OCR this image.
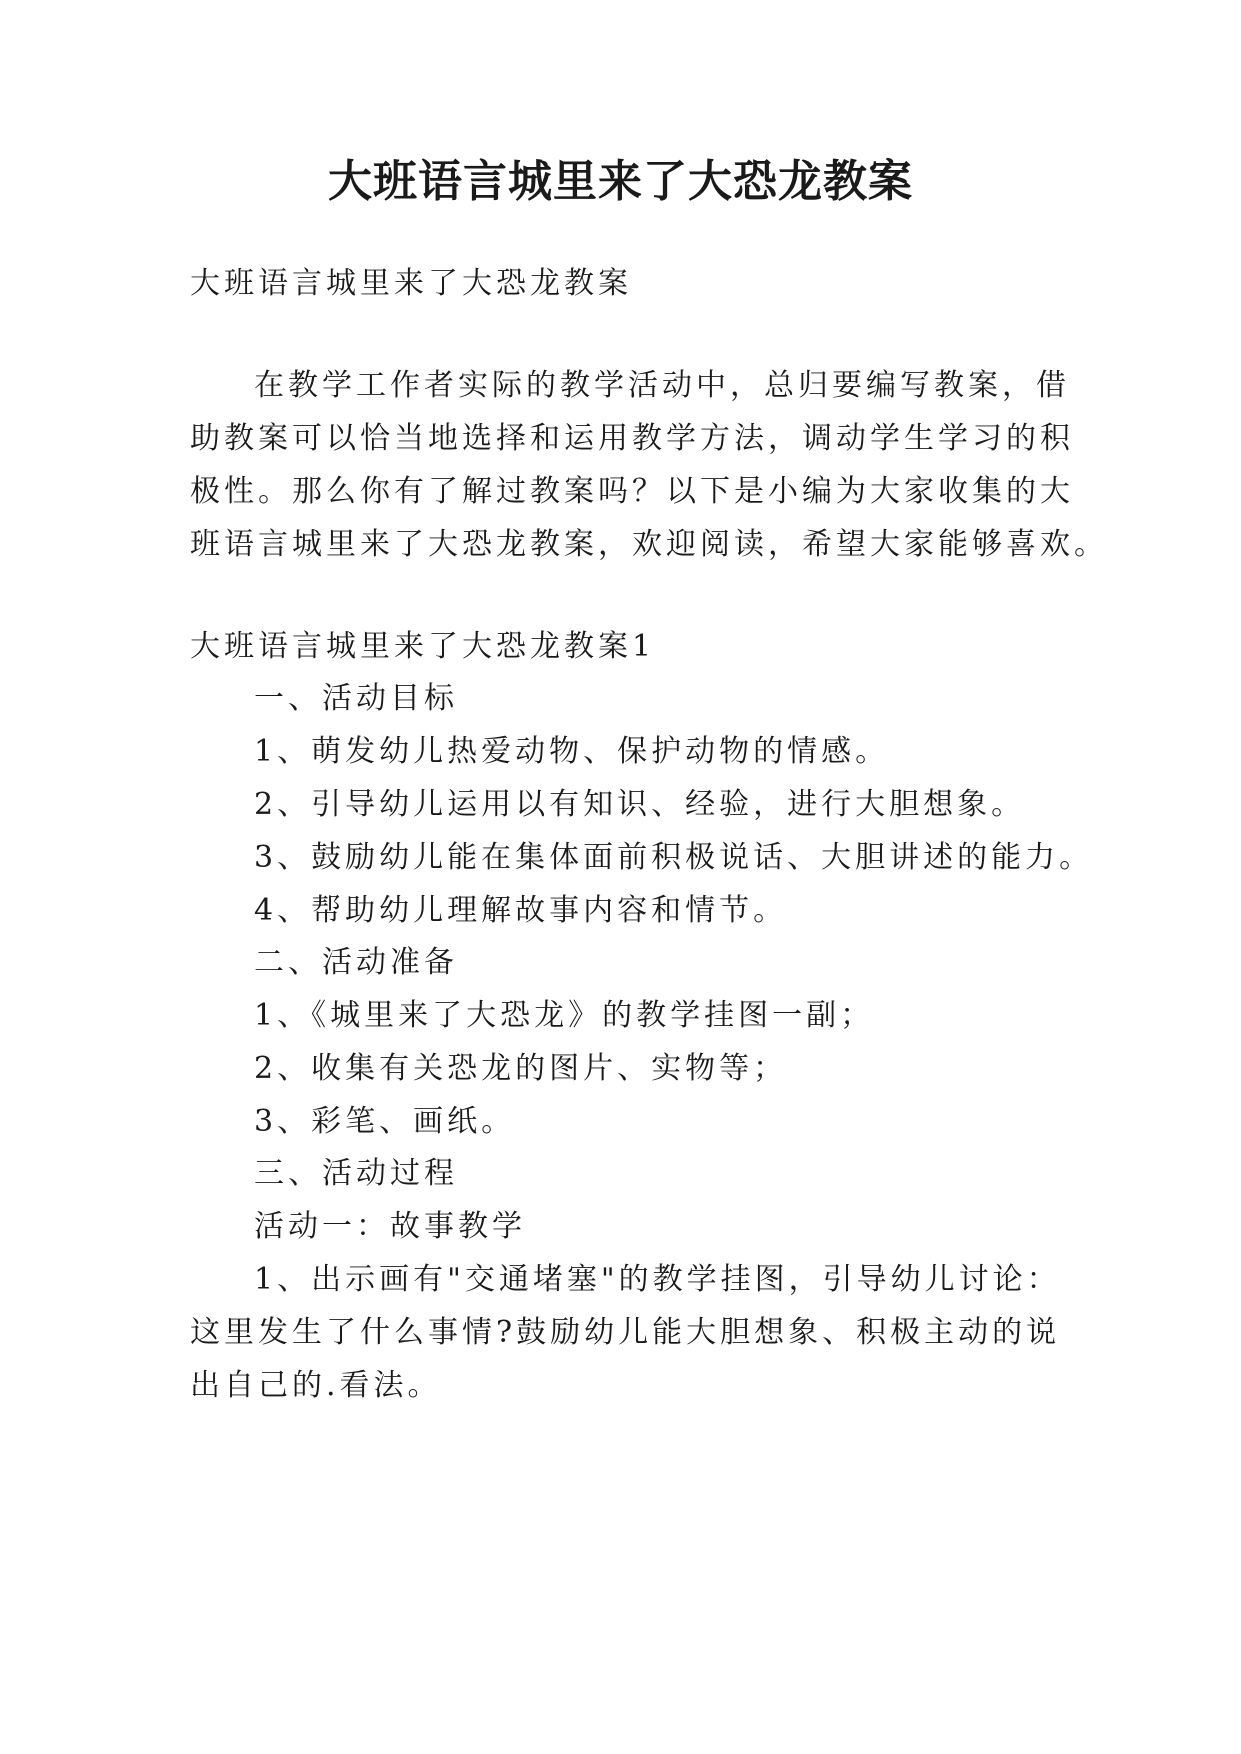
大班语言城里来了大恐龙教案

大班语言城里来了大恐龙教案

在教学工作者实际的教学活动中，总归要编写教案，借

助教案可以恰当地选择和运用教学方法，调动学生学习的积

极性。那么你有了解过教案吗？以下是小编为大家收集的大

班语言城里来了大恐龙教案，欢迎阅读，希望大家能够喜欢。

大班语言城里来了大恐龙教案1

一、活动目标

1、萌发幼儿热爱动物、保护动物的情感。

2、引导幼儿运用以有知识、经验，进行大胆想象。

3、鼓励幼儿能在集体面前积极说话、大胆讲述的能力。

4、帮助幼儿理解故事内容和情节。

二、活动准备

1、《城里来了大恐龙》的教学挂图一副；

2、收集有关恐龙的图片、实物等；

3、彩笔、画纸。

三、活动过程

活动一：故事教学

1、出示画有"交通堵塞"的教学挂图，引导幼儿讨论：

这里发生了什么事情?鼓励幼儿能大胆想象、积极主动的说

出自己的.看法。
